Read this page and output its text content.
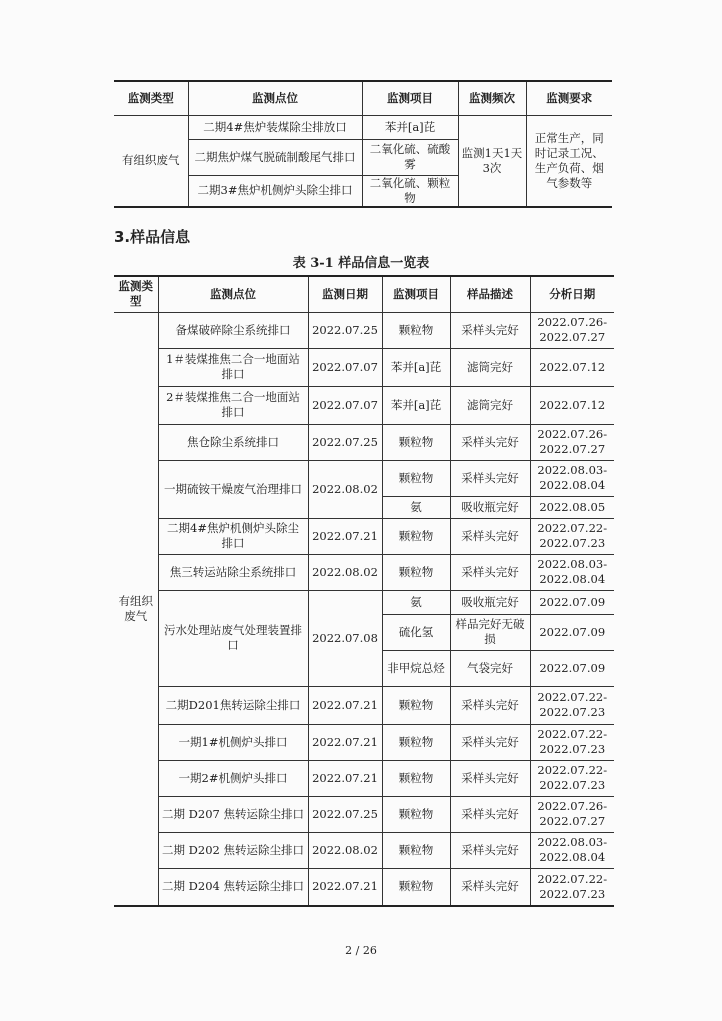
监测类型	监测点位	监测项目	监测频次	监测要求
有组织废气	二期4#焦炉装煤除尘排放口	苯并[a]芘	监测1天1天3次	正常生产，同时记录工况、生产负荷、烟气参数等
	二期焦炉煤气脱硫制酸尾气排口	二氧化硫、硫酸雾		
	二期3#焦炉机侧炉头除尘排口	二氧化硫、颗粒物		
3.样品信息
表 3-1 样品信息一览表
监测类型	监测点位	监测日期	监测项目	样品描述	分析日期
有组织废气	备煤破碎除尘系统排口	2022.07.25	颗粒物	采样头完好	2022.07.26-2022.07.27
	1＃装煤推焦二合一地面站排口	2022.07.07	苯并[a]芘	滤筒完好	2022.07.12
	2＃装煤推焦二合一地面站排口	2022.07.07	苯并[a]芘	滤筒完好	2022.07.12
	焦仓除尘系统排口	2022.07.25	颗粒物	采样头完好	2022.07.26-2022.07.27
	一期硫铵干燥废气治理排口	2022.08.02	颗粒物	采样头完好	2022.08.03-2022.08.04
			氨	吸收瓶完好	2022.08.05
	二期4#焦炉机侧炉头除尘排口	2022.07.21	颗粒物	采样头完好	2022.07.22-2022.07.23
	焦三转运站除尘系统排口	2022.08.02	颗粒物	采样头完好	2022.08.03-2022.08.04
	污水处理站废气处理装置排口	2022.07.08	氨	吸收瓶完好	2022.07.09
			硫化氢	样品完好无破损	2022.07.09
			非甲烷总烃	气袋完好	2022.07.09
	二期D201焦转运除尘排口	2022.07.21	颗粒物	采样头完好	2022.07.22-2022.07.23
	一期1#机侧炉头排口	2022.07.21	颗粒物	采样头完好	2022.07.22-2022.07.23
	一期2#机侧炉头排口	2022.07.21	颗粒物	采样头完好	2022.07.22-2022.07.23
	二期 D207 焦转运除尘排口	2022.07.25	颗粒物	采样头完好	2022.07.26-2022.07.27
	二期 D202 焦转运除尘排口	2022.08.02	颗粒物	采样头完好	2022.08.03-2022.08.04
	二期 D204 焦转运除尘排口	2022.07.21	颗粒物	采样头完好	2022.07.22-2022.07.23
2 / 26
